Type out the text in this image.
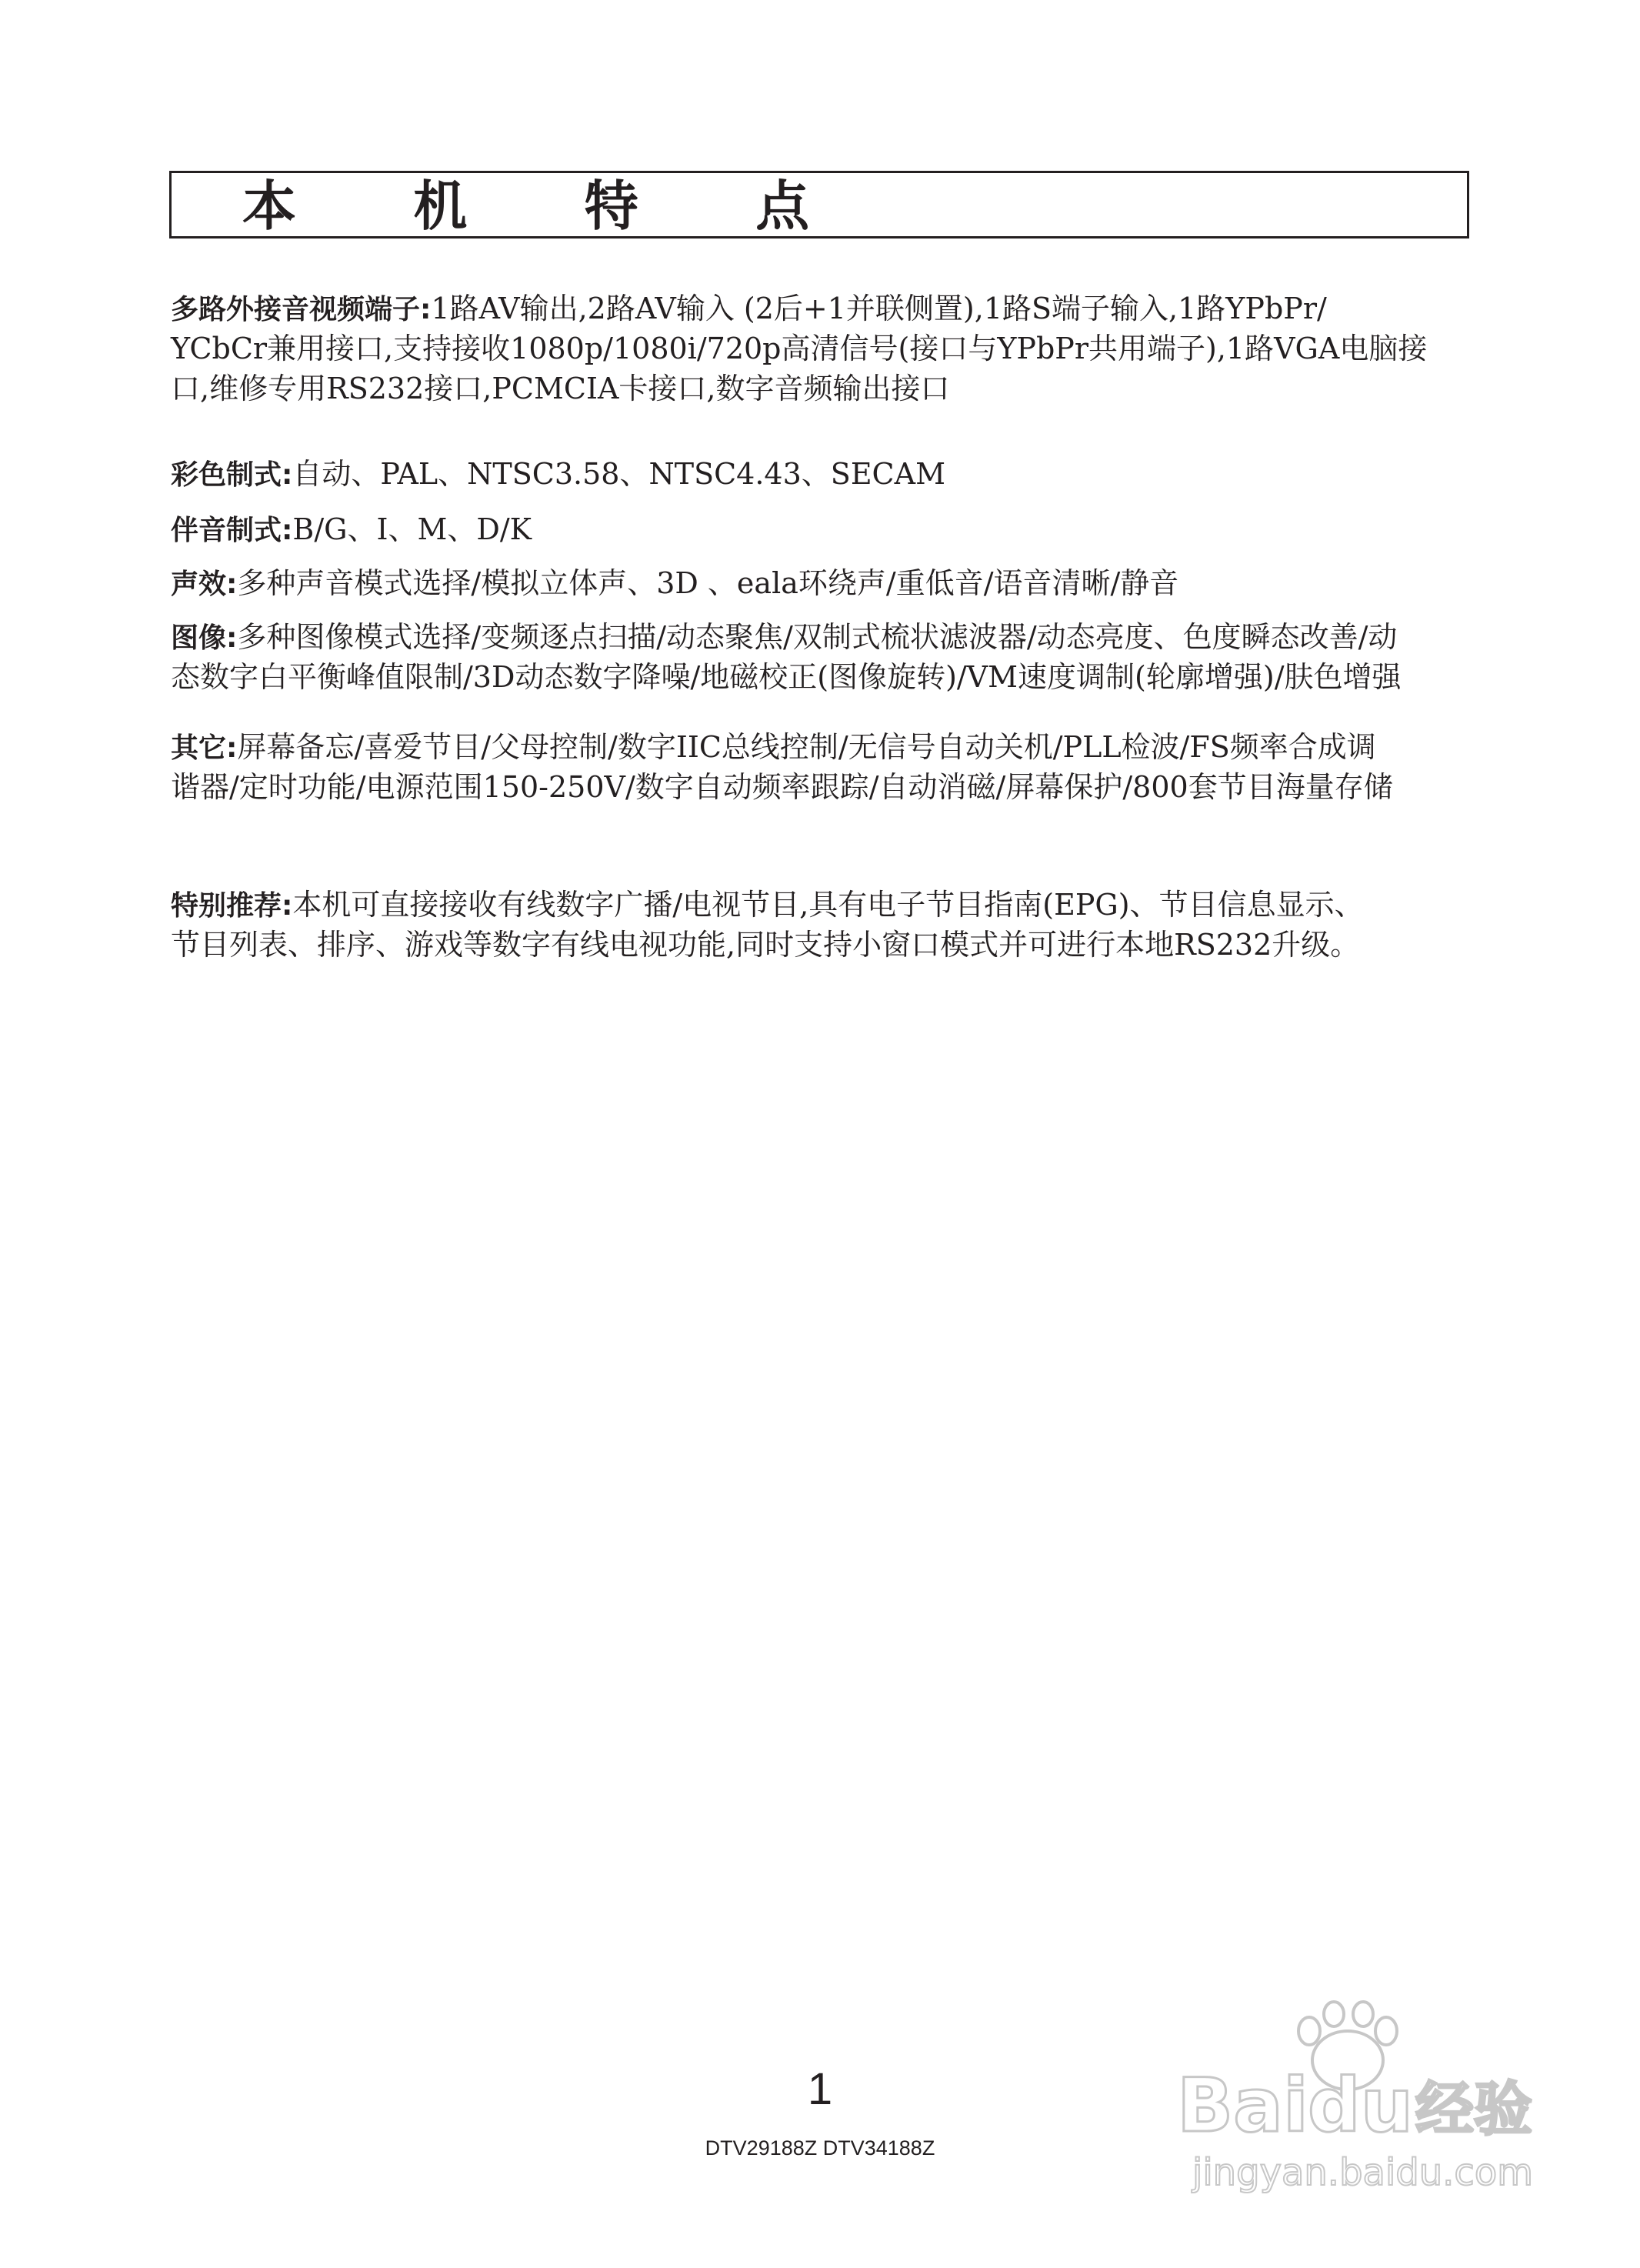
本 机 特 点
多路外接音视频端子:1路AV输出,2路AV输入 (2后+1并联侧置),1路S端子输入,1路YPbPr/
YCbCr兼用接口,支持接收1080p/1080i/720p高清信号(接口与YPbPr共用端子),1路VGA电脑接
口,维修专用RS232接口,PCMCIA卡接口,数字音频输出接口
彩色制式:自动、PAL、NTSC3.58、NTSC4.43、SECAM
伴音制式:B/G、I、M、D/K
声效:多种声音模式选择/模拟立体声、3D 、eala环绕声/重低音/语音清晰/静音
图像:多种图像模式选择/变频逐点扫描/动态聚焦/双制式梳状滤波器/动态亮度、色度瞬态改善/动
态数字白平衡峰值限制/3D动态数字降噪/地磁校正(图像旋转)/VM速度调制(轮廓增强)/肤色增强
其它:屏幕备忘/喜爱节目/父母控制/数字IIC总线控制/无信号自动关机/PLL检波/FS频率合成调
谐器/定时功能/电源范围150-250V/数字自动频率跟踪/自动消磁/屏幕保护/800套节目海量存储
特别推荐:本机可直接接收有线数字广播/电视节目,具有电子节目指南(EPG)、节目信息显示、
节目列表、排序、游戏等数字有线电视功能,同时支持小窗口模式并可进行本地RS232升级。
1
DTV29188Z DTV34188Z	Bai du 经验
jingyan.baidu.com
